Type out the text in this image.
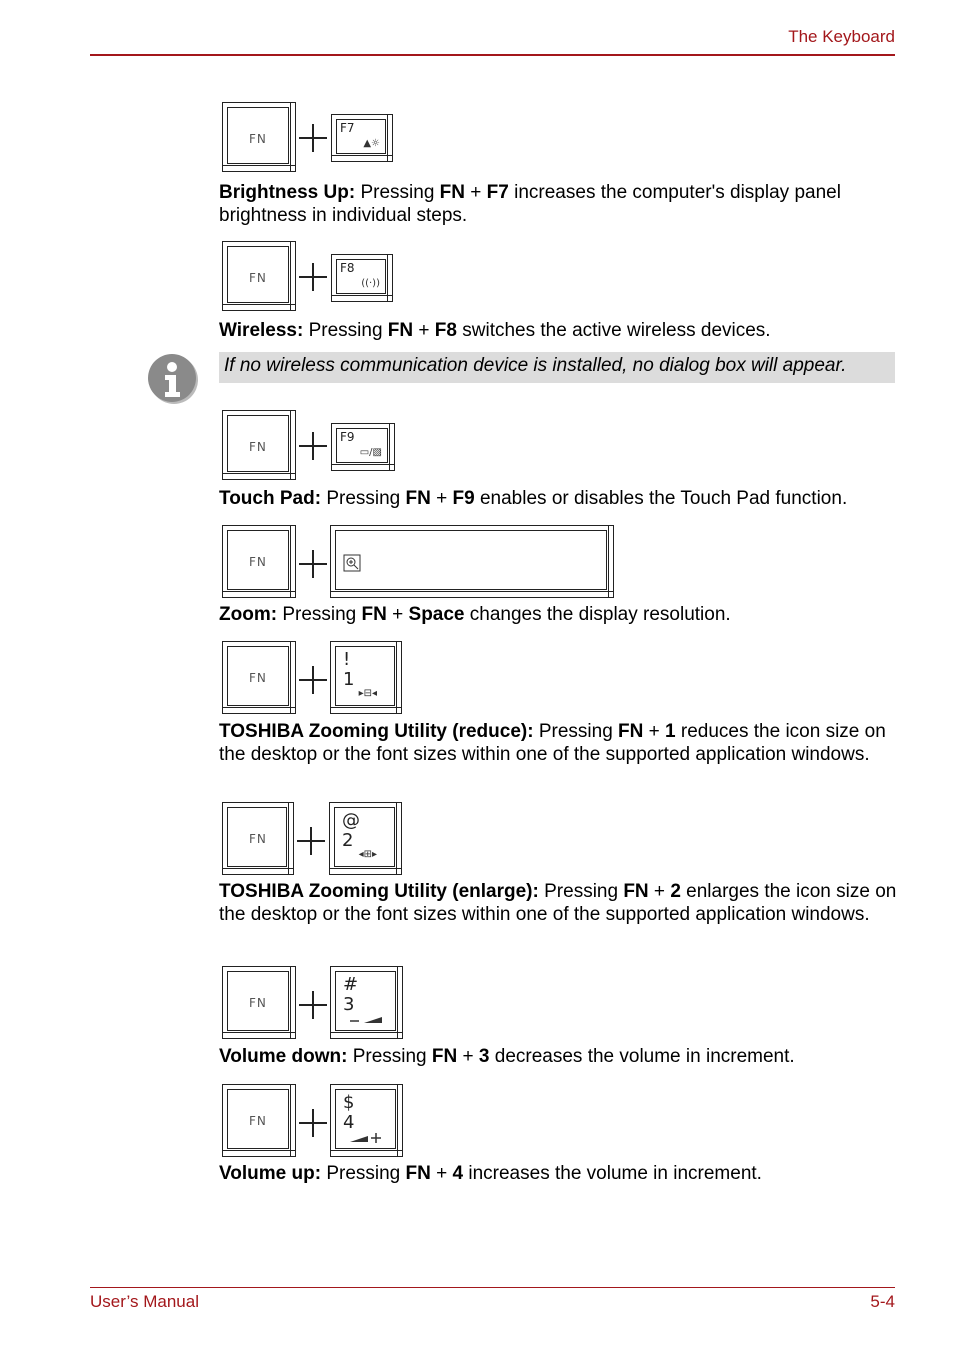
The Keyboard
FN
F7
▲☼
Brightness Up: Pressing FN + F7 increases the computer's display panel brightness in individual steps.
FN
F8
((·))
Wireless: Pressing FN + F8 switches the active wireless devices.
If no wireless communication device is installed, no dialog box will appear.
FN
F9
▭/▧
Touch Pad: Pressing FN + F9 enables or disables the Touch Pad function.
FN
Zoom: Pressing FN + Space changes the display resolution.
FN
!
1
▸⊟◂
TOSHIBA Zooming Utility (reduce): Pressing FN + 1 reduces the icon size on the desktop or the font sizes within one of the supported application windows.
FN
@
2
◂⊞▸
TOSHIBA Zooming Utility (enlarge): Pressing FN + 2 enlarges the icon size on the desktop or the font sizes within one of the supported application windows.
FN
#
3
Volume down: Pressing FN + 3 decreases the volume in increment.
FN
$
4
Volume up: Pressing FN + 4 increases the volume in increment.
User’s Manual	5-4
